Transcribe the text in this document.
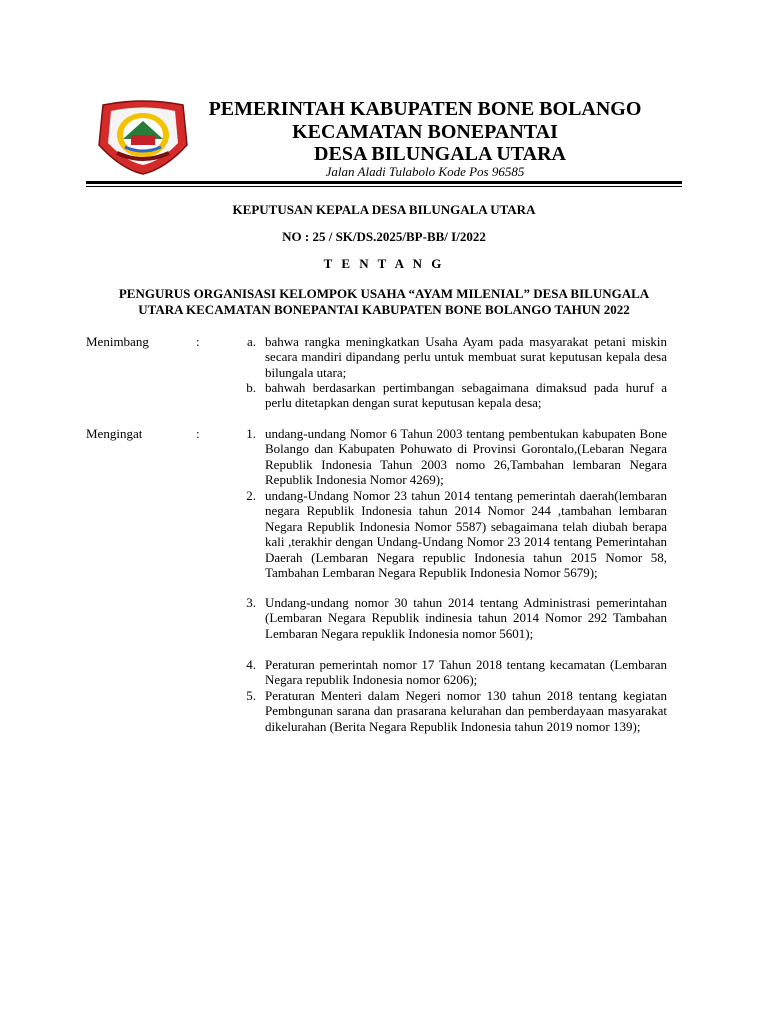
PEMERINTAH KABUPATEN BONE BOLANGO
KECAMATAN BONEPANTAI
DESA BILUNGALA UTARA
Jalan Aladi Tulabolo Kode Pos 96585
KEPUTUSAN KEPALA DESA BILUNGALA UTARA
NO : 25 / SK/DS.2025/BP-BB/ I/2022
T E N T A N G
PENGURUS ORGANISASI KELOMPOK USAHA “AYAM MILENIAL” DESA BILUNGALA
UTARA KECAMATAN BONEPANTAI KABUPATEN BONE BOLANGO TAHUN 2022
Menimbang	:	a. bahwa rangka meningkatkan Usaha Ayam pada masyarakat petani miskin secara mandiri dipandang perlu untuk membuat surat keputusan kepala desa bilungala utara;
b. bahwah berdasarkan pertimbangan sebagaimana dimaksud pada huruf a perlu ditetapkan dengan surat keputusan kepala desa;
Mengingat	:	1. undang-undang Nomor 6 Tahun 2003 tentang pembentukan kabupaten Bone Bolango dan Kabupaten Pohuwato di Provinsi Gorontalo,(Lebaran Negara Republik Indonesia Tahun 2003 nomo 26,Tambahan lembaran Negara Republik Indonesia Nomor 4269);
2. undang-Undang Nomor 23 tahun 2014 tentang pemerintah daerah(lembaran negara Republik Indonesia tahun 2014 Nomor 244 ,tambahan lembaran Negara Republik Indonesia Nomor 5587) sebagaimana telah diubah berapa kali ,terakhir dengan Undang-Undang Nomor 23 2014 tentang Pemerintahan Daerah (Lembaran Negara republic Indonesia tahun 2015 Nomor 58, Tambahan Lembaran Negara Republik Indonesia Nomor 5679);
3. Undang-undang nomor 30 tahun 2014 tentang Administrasi pemerintahan (Lembaran Negara Republik indinesia tahun 2014 Nomor 292 Tambahan Lembaran Negara repuklik Indonesia nomor 5601);
4. Peraturan pemerintah nomor 17 Tahun 2018 tentang kecamatan (Lembaran Negara republik Indonesia nomor 6206);
5. Peraturan Menteri dalam Negeri nomor 130 tahun 2018 tentang kegiatan Pembngunan sarana dan prasarana kelurahan dan pemberdayaan masyarakat dikelurahan (Berita Negara Republik Indonesia tahun 2019 nomor 139);
